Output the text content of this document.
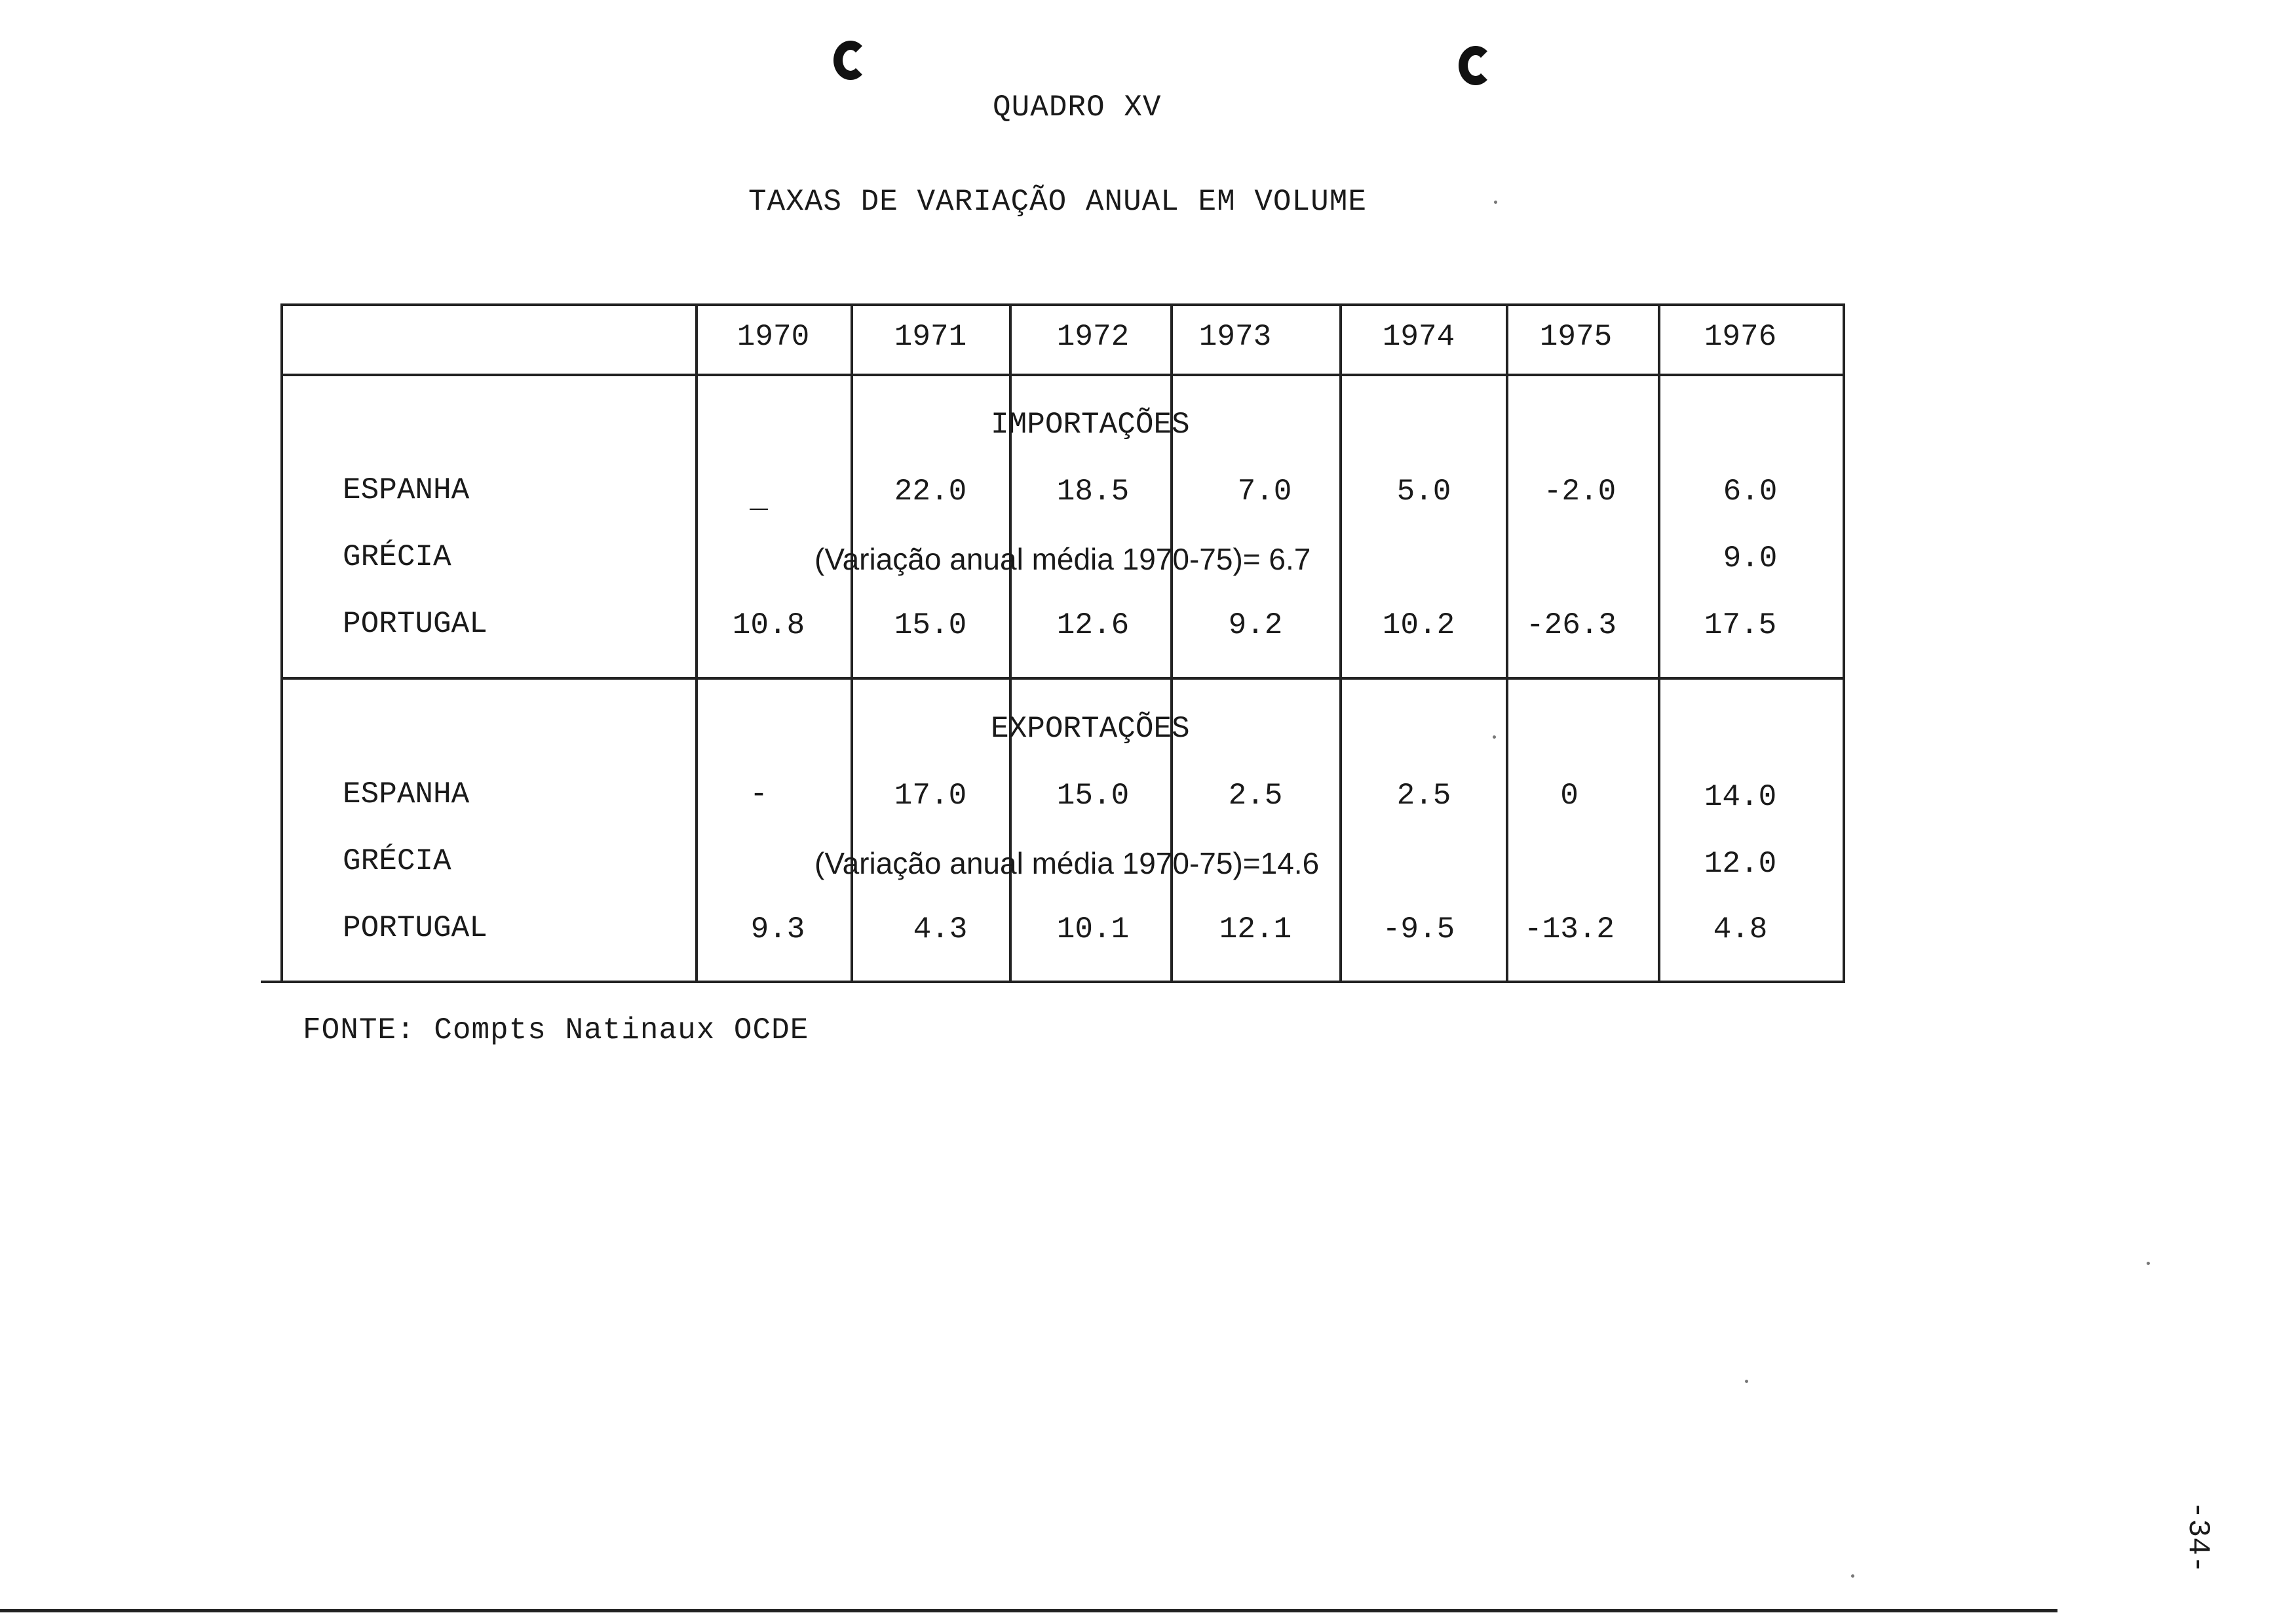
QUADRO XV
TAXAS DE VARIAÇÃO ANUAL EM VOLUME
1970	1971	1972	1973	1974	1975	1976
IMPORTAÇÕES
ESPANHA	_	22.0	18.5	7.0	5.0	-2.0	6.0
GRÉCIA	(Variação anual média 1970-75)= 6.7	9.0
PORTUGAL	10.8	15.0	12.6	9.2	10.2	-26.3	17.5
EXPORTAÇÕES
ESPANHA	-	17.0	15.0	2.5	2.5	0	14.0
GRÉCIA	(Variação anual média 1970-75)=14.6	12.0
PORTUGAL	9.3	4.3	10.1	12.1	-9.5	-13.2	4.8
FONTE: Compts Natinaux OCDE
-34-
